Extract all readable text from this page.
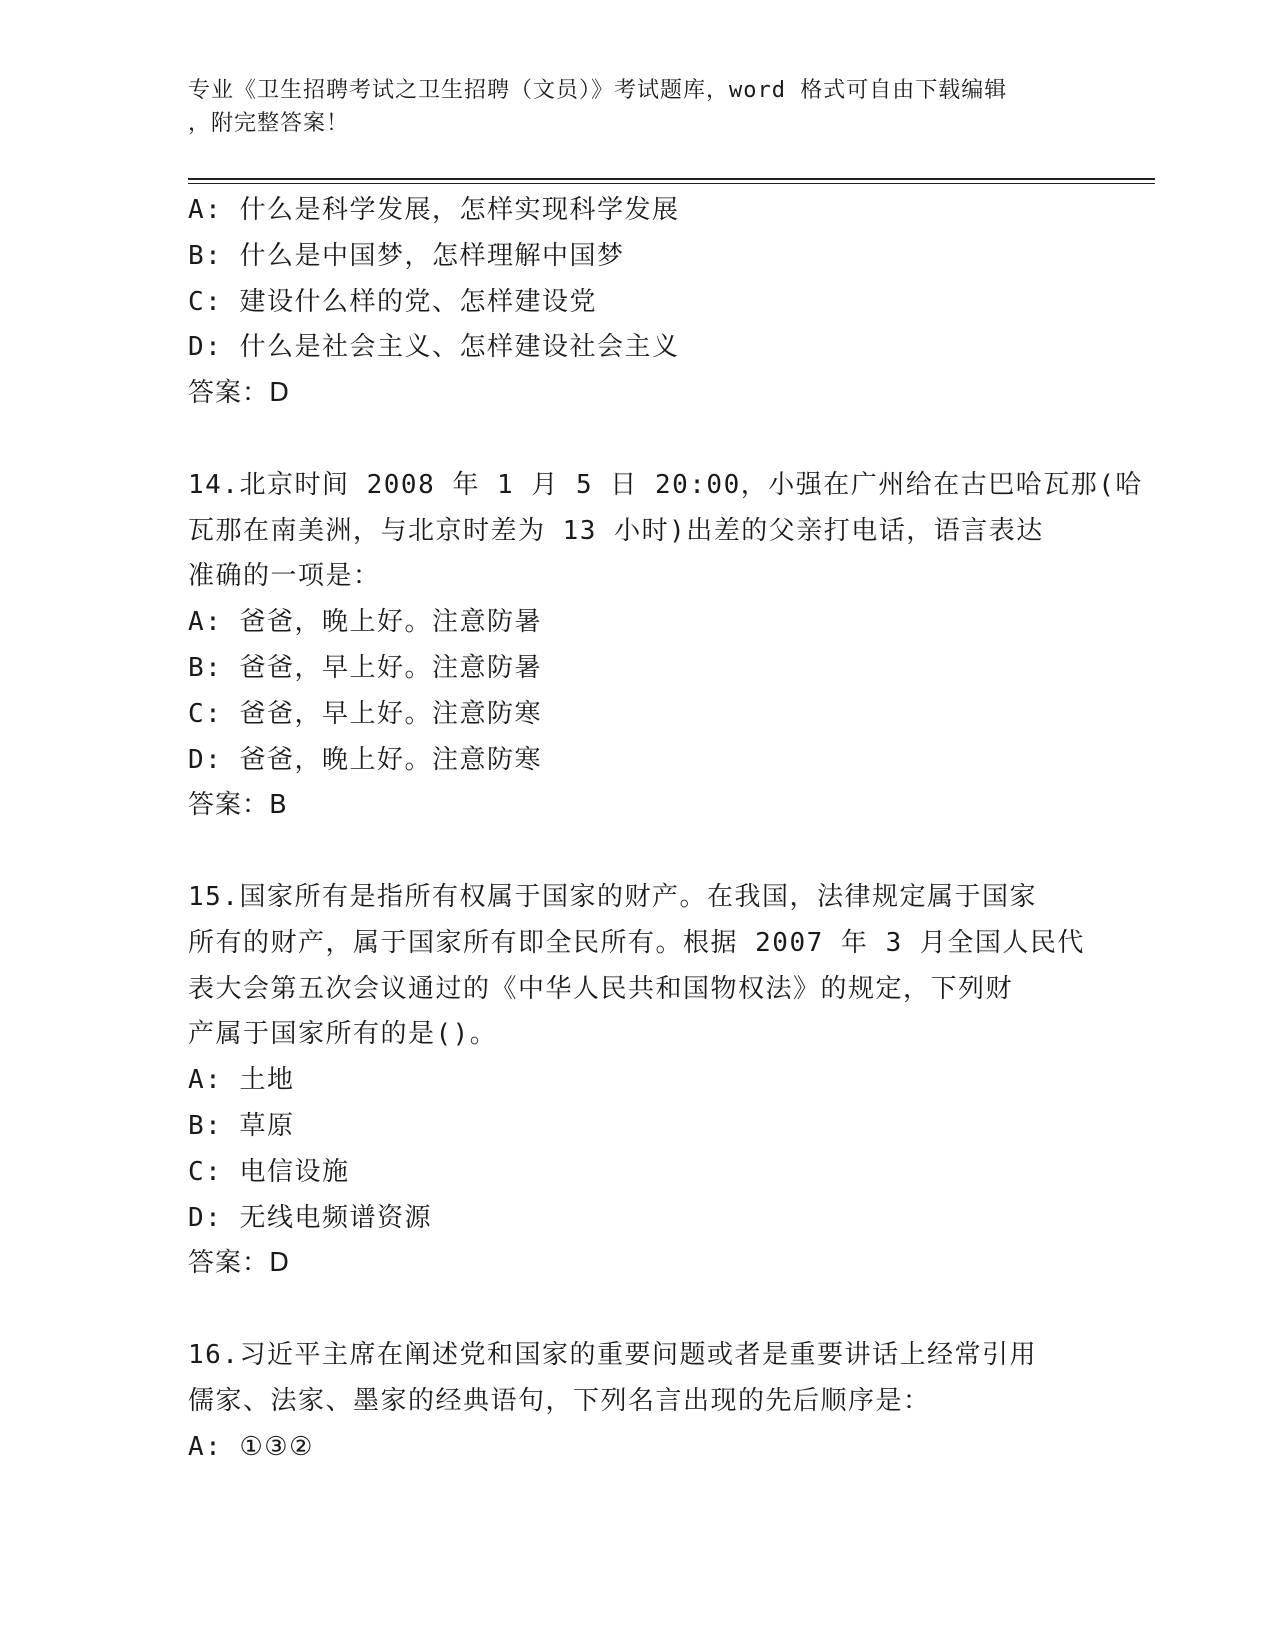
专业《卫生招聘考试之卫生招聘（文员）》考试题库，word 格式可自由下载编辑
，附完整答案！
A: 什么是科学发展，怎样实现科学发展
B: 什么是中国梦，怎样理解中国梦
C: 建设什么样的党、怎样建设党
D: 什么是社会主义、怎样建设社会主义
答案：D
14.北京时间 2008 年 1 月 5 日 20:00，小强在广州给在古巴哈瓦那(哈
瓦那在南美洲，与北京时差为 13 小时)出差的父亲打电话，语言表达
准确的一项是：
A: 爸爸，晚上好。注意防暑
B: 爸爸，早上好。注意防暑
C: 爸爸，早上好。注意防寒
D: 爸爸，晚上好。注意防寒
答案：B
15.国家所有是指所有权属于国家的财产。在我国，法律规定属于国家
所有的财产，属于国家所有即全民所有。根据 2007 年 3 月全国人民代
表大会第五次会议通过的《中华人民共和国物权法》的规定，下列财
产属于国家所有的是()。
A: 土地
B: 草原
C: 电信设施
D: 无线电频谱资源
答案：D
16.习近平主席在阐述党和国家的重要问题或者是重要讲话上经常引用
儒家、法家、墨家的经典语句，下列名言出现的先后顺序是：
A: ①③②
